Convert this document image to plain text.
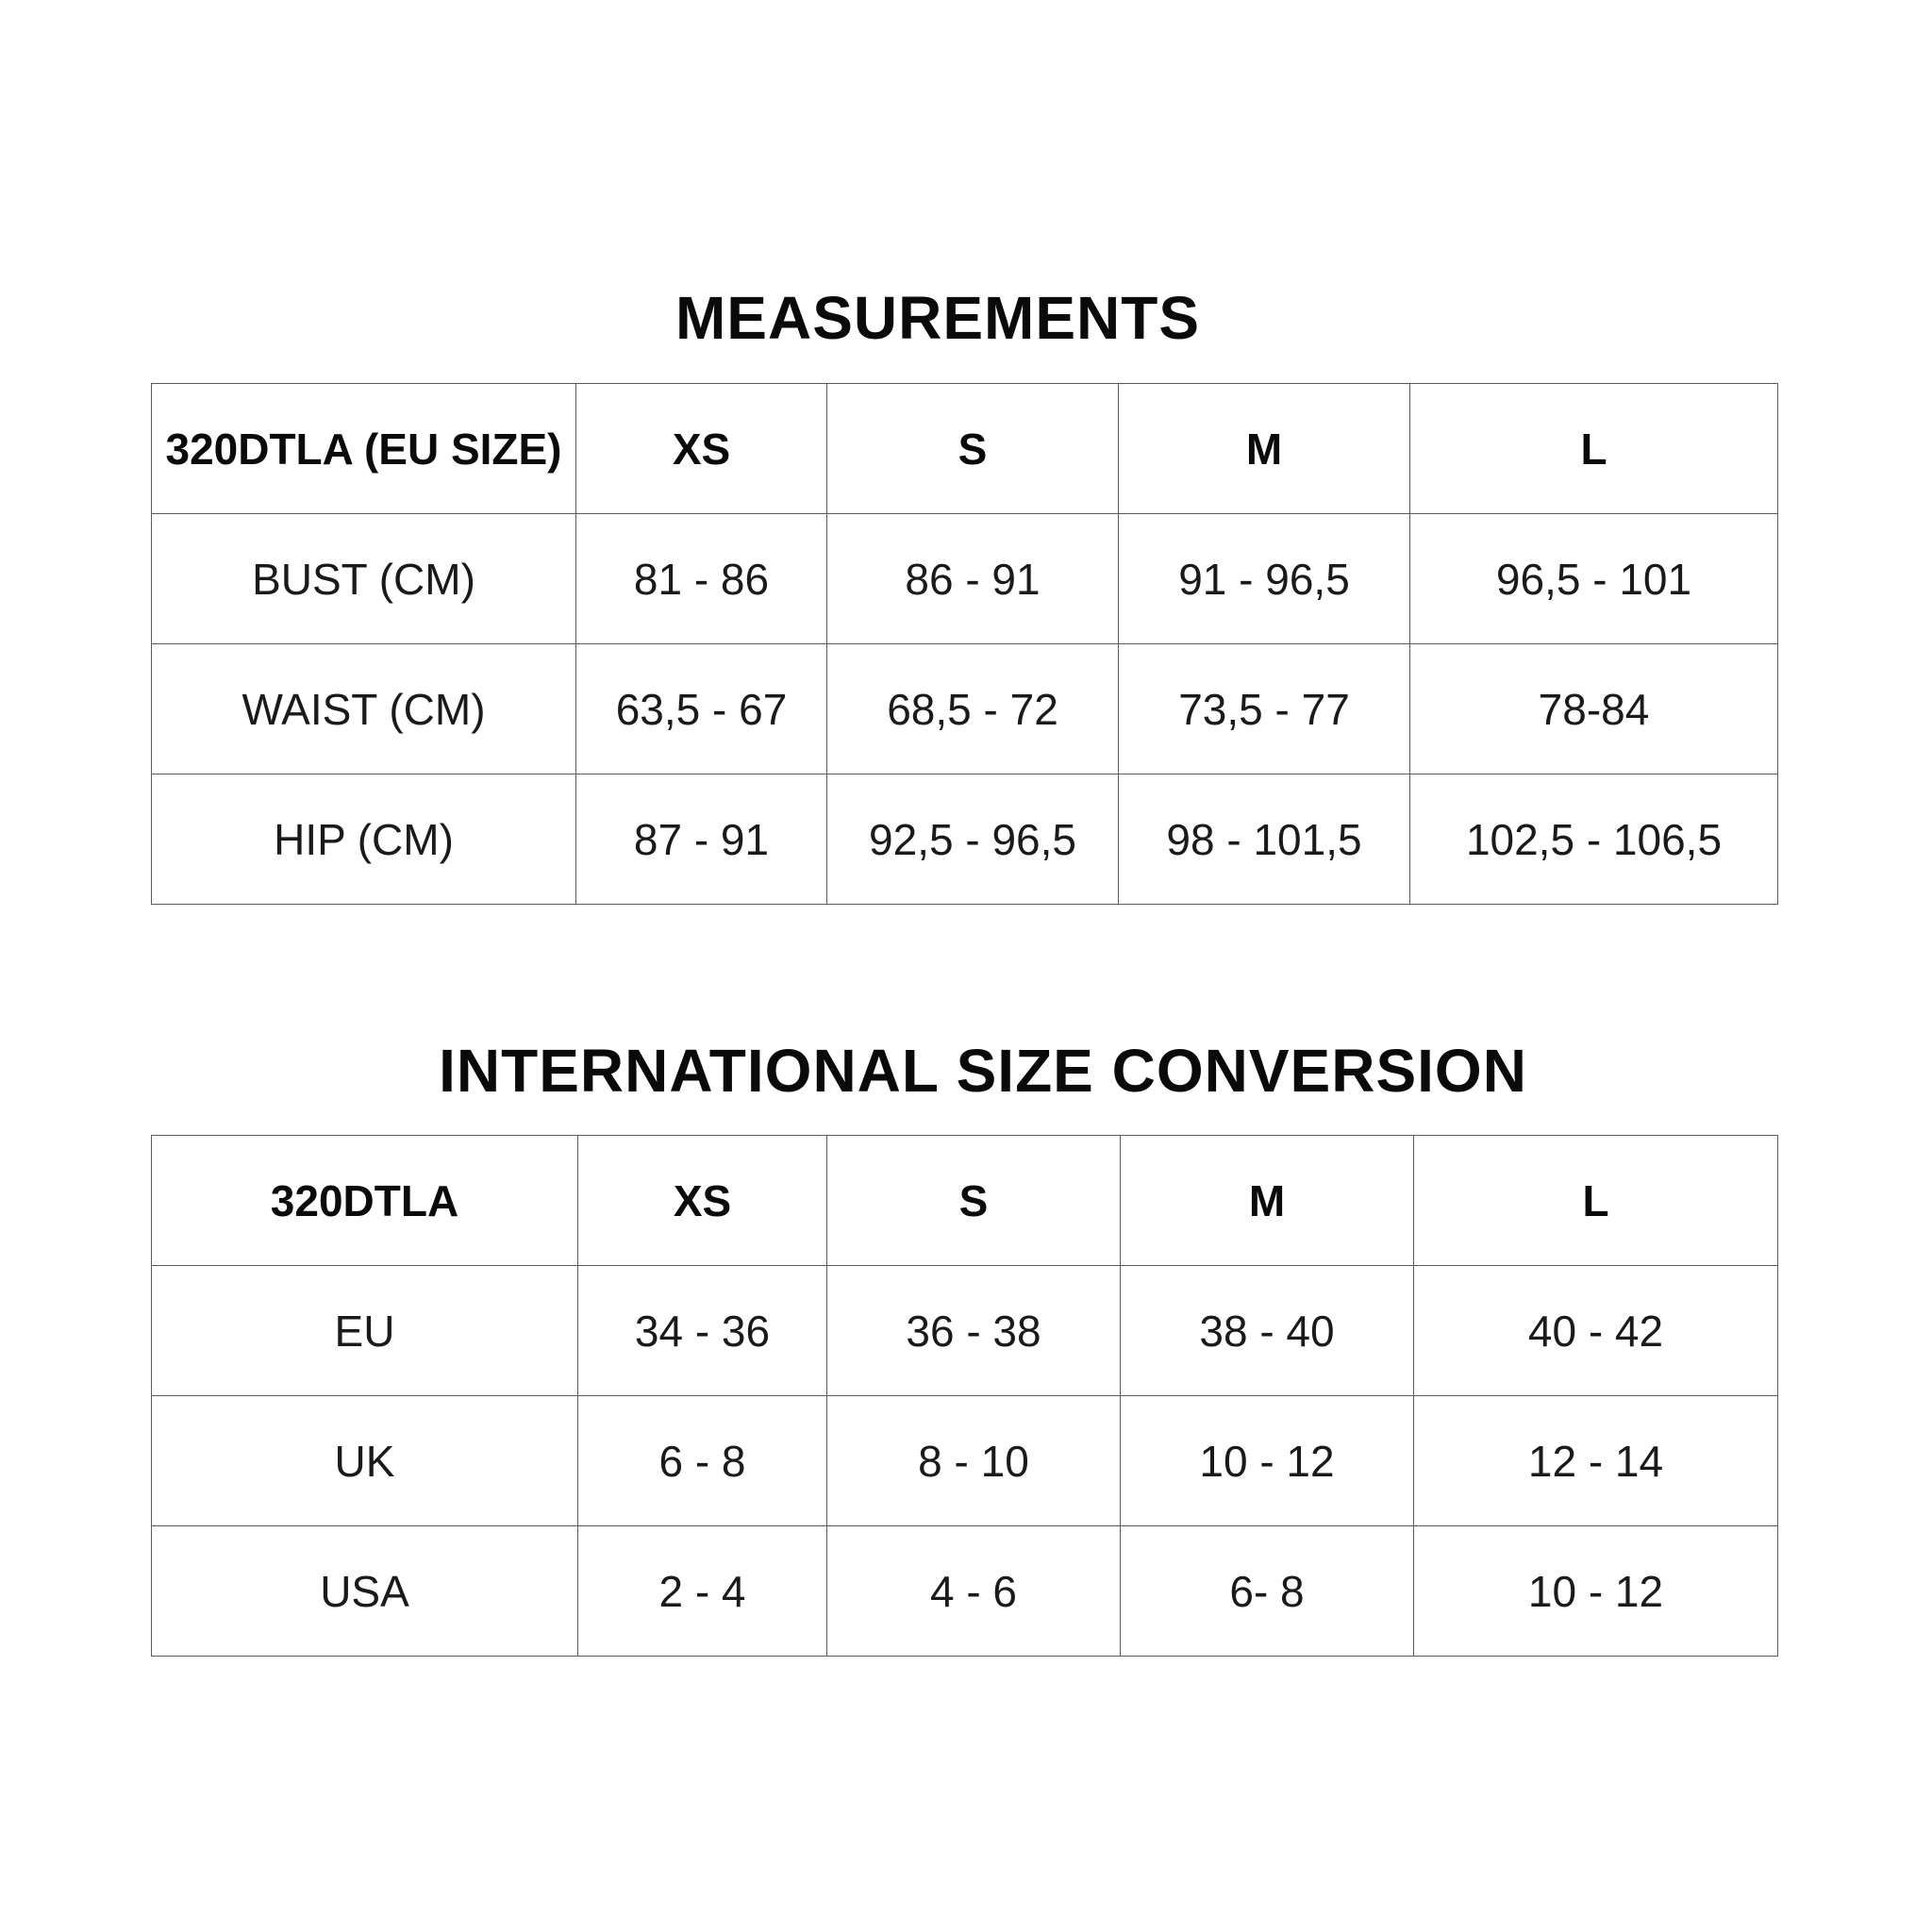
MEASUREMENTS
320DTLA (EU SIZE)	XS	S	M	L
BUST (CM)	81 - 86	86 - 91	91 - 96,5	96,5 - 101
WAIST (CM)	63,5 - 67	68,5 - 72	73,5 - 77	78-84
HIP (CM)	87 - 91	92,5 - 96,5	98 - 101,5	102,5 - 106,5
INTERNATIONAL SIZE CONVERSION
320DTLA	XS	S	M	L
EU	34 - 36	36 - 38	38 - 40	40 - 42
UK	6 - 8	8 - 10	10 - 12	12 - 14
USA	2 - 4	4 - 6	6- 8	10 - 12
